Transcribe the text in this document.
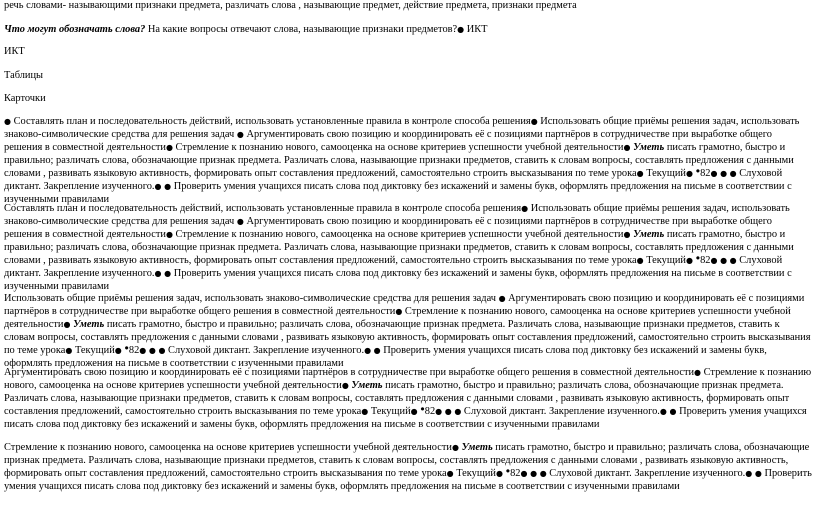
речь словами- называющими признаки предмета, различать слова , называющие предмет, действие предмета, признаки предмета
Что могут обозначать слова? На какие вопросы отвечают слова, называющие признаки предметов?● ИКТ
ИКТ
Таблицы
Карточки
● Составлять план и последовательность действий, использовать установленные правила в контроле способа решения● Использовать общие приёмы решения задач, использовать знаково-символические средства для решения задач ● Аргументировать свою позицию и координировать её с позициями партнёров в сотрудничестве при выработке общего решения в совместной деятельности● Стремление к познанию нового, самооценка на основе критериев успешности учебной деятельности● Уметь писать грамотно, быстро и правильно; различать слова, обозначающие признак предмета. Различать слова, называющие признаки предметов, ставить к словам вопросы, составлять предложения с данными словами , развивать языковую активность, формировать опыт составления предложений, самостоятельно строить высказывания по теме урока● Текущий● ●82● ● ● Слуховой диктант. Закрепление изученного.● ● Проверить умения учащихся писать слова под диктовку без искажений и замены букв, оформлять предложения на письме в соответствии с изученными правилами
Составлять план и последовательность действий, использовать установленные правила в контроле способа решения● Использовать общие приёмы решения задач, использовать знаково-символические средства для решения задач ● Аргументировать свою позицию и координировать её с позициями партнёров в сотрудничестве при выработке общего решения в совместной деятельности● Стремление к познанию нового, самооценка на основе критериев успешности учебной деятельности● Уметь писать грамотно, быстро и правильно; различать слова, обозначающие признак предмета. Различать слова, называющие признаки предметов, ставить к словам вопросы, составлять предложения с данными словами , развивать языковую активность, формировать опыт составления предложений, самостоятельно строить высказывания по теме урока● Текущий● ●82● ● ● Слуховой диктант. Закрепление изученного.● ● Проверить умения учащихся писать слова под диктовку без искажений и замены букв, оформлять предложения на письме в соответствии с изученными правилами
Использовать общие приёмы решения задач, использовать знаково-символические средства для решения задач ● Аргументировать свою позицию и координировать её с позициями партнёров в сотрудничестве при выработке общего решения в совместной деятельности● Стремление к познанию нового, самооценка на основе критериев успешности учебной деятельности● Уметь писать грамотно, быстро и правильно; различать слова, обозначающие признак предмета. Различать слова, называющие признаки предметов, ставить к словам вопросы, составлять предложения с данными словами , развивать языковую активность, формировать опыт составления предложений, самостоятельно строить высказывания по теме урока● Текущий● ●82● ● ● Слуховой диктант. Закрепление изученного.● ● Проверить умения учащихся писать слова под диктовку без искажений и замены букв, оформлять предложения на письме в соответствии с изученными правилами
Аргументировать свою позицию и координировать её с позициями партнёров в сотрудничестве при выработке общего решения в совместной деятельности● Стремление к познанию нового, самооценка на основе критериев успешности учебной деятельности● Уметь писать грамотно, быстро и правильно; различать слова, обозначающие признак предмета. Различать слова, называющие признаки предметов, ставить к словам вопросы, составлять предложения с данными словами , развивать языковую активность, формировать опыт составления предложений, самостоятельно строить высказывания по теме урока● Текущий● ●82● ● ● Слуховой диктант. Закрепление изученного.● ● Проверить умения учащихся писать слова под диктовку без искажений и замены букв, оформлять предложения на письме в соответствии с изученными правилами
Стремление к познанию нового, самооценка на основе критериев успешности учебной деятельности● Уметь писать грамотно, быстро и правильно; различать слова, обозначающие признак предмета. Различать слова, называющие признаки предметов, ставить к словам вопросы, составлять предложения с данными словами , развивать языковую активность, формировать опыт составления предложений, самостоятельно строить высказывания по теме урока● Текущий● ●82● ● ● Слуховой диктант. Закрепление изученного.● ● Проверить умения учащихся писать слова под диктовку без искажений и замены букв, оформлять предложения на письме в соответствии с изученными правилами
